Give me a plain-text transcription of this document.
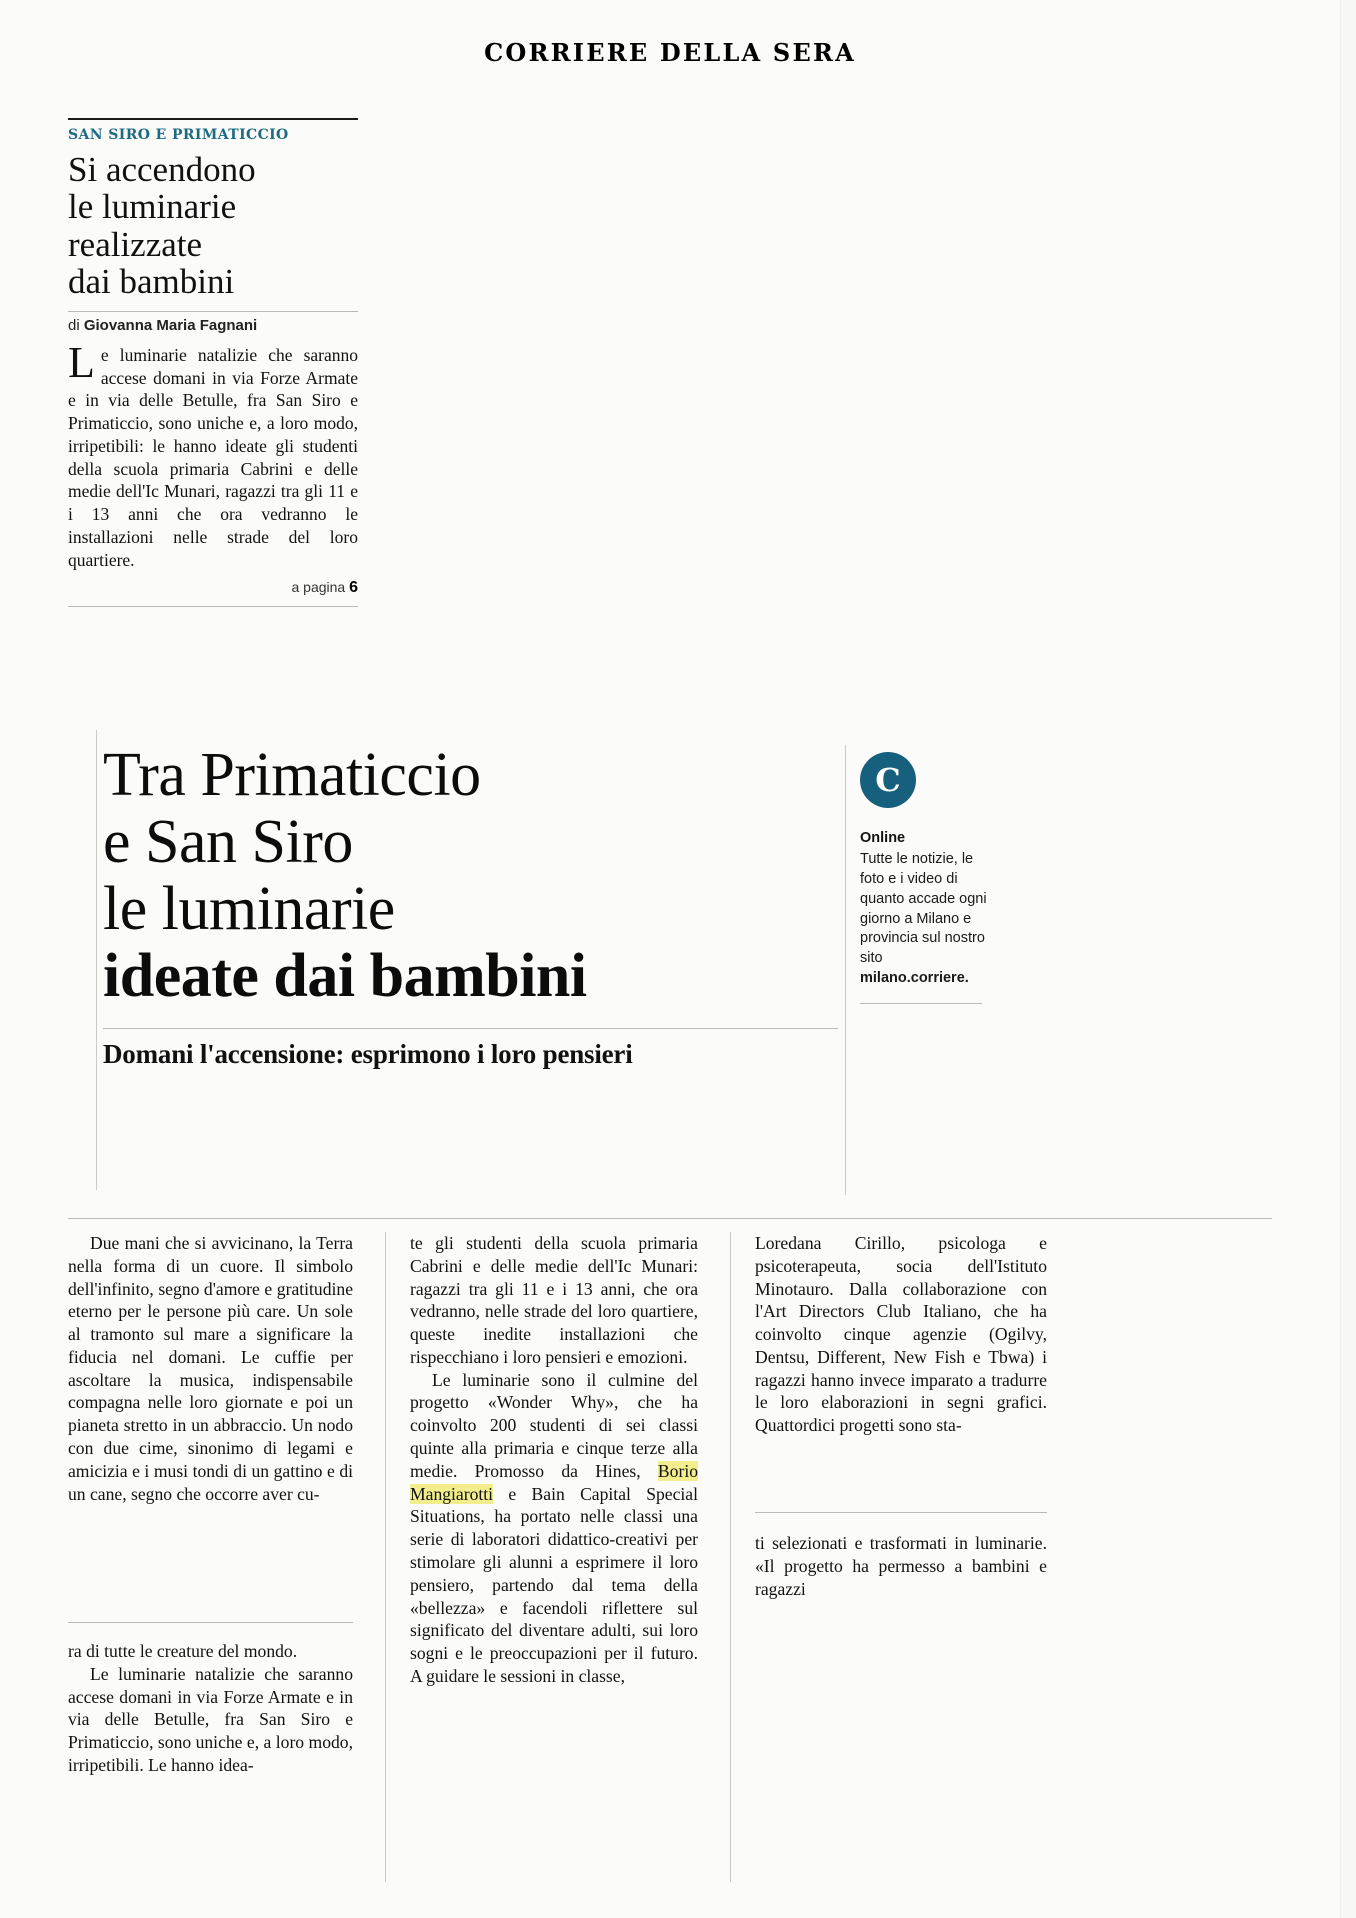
CORRIERE DELLA SERA
SAN SIRO E PRIMATICCIO
Si accendono
le luminarie
realizzate
dai bambini
di Giovanna Maria Fagnani
Le luminarie natalizie che saranno accese domani in via Forze Armate e in via delle Betulle, fra San Siro e Primaticcio, sono uniche e, a loro modo, irripetibili: le hanno ideate gli studenti della scuola primaria Cabrini e delle medie dell'Ic Munari, ragazzi tra gli 11 e i 13 anni che ora vedranno le installazioni nelle strade del loro quartiere.
a pagina 6
Tra Primaticcio
e San Siro
le luminarie
ideate dai bambini
Domani l'accensione: esprimono i loro pensieri
C
Online
Tutte le notizie, le foto e i video di quanto accade ogni giorno a Milano e provincia sul nostro sito milano.corriere.

Due mani che si avvicinano, la Terra nella forma di un cuore. Il simbolo dell'infinito, segno d'amore e gratitudine eterno per le persone più care. Un sole al tramonto sul mare a significare la fiducia nel domani. Le cuffie per ascoltare la musica, indispensabile compagna nelle loro giornate e poi un pianeta stretto in un abbraccio. Un nodo con due cime, sinonimo di legami e amicizia e i musi tondi di un gattino e di un cane, segno che occorre aver cu-

ra di tutte le creature del mondo.

Le luminarie natalizie che saranno accese domani in via Forze Armate e in via delle Betulle, fra San Siro e Primaticcio, sono uniche e, a loro modo, irripetibili. Le hanno idea-

te gli studenti della scuola primaria Cabrini e delle medie dell'Ic Munari: ragazzi tra gli 11 e i 13 anni, che ora vedranno, nelle strade del loro quartiere, queste inedite installazioni che rispecchiano i loro pensieri e emozioni.

Le luminarie sono il culmine del progetto «Wonder Why», che ha coinvolto 200 studenti di sei classi quinte alla primaria e cinque terze alla medie. Promosso da Hines, Borio Mangiarotti e Bain Capital Special Situations, ha portato nelle classi una serie di laboratori didattico-creativi per stimolare gli alunni a esprimere il loro pensiero, partendo dal tema della «bellezza» e facendoli riflettere sul significato del diventare adulti, sui loro sogni e le preoccupazioni per il futuro. A guidare le sessioni in classe,

Loredana Cirillo, psicologa e psicoterapeuta, socia dell'Istituto Minotauro. Dalla collaborazione con l'Art Directors Club Italiano, che ha coinvolto cinque agenzie (Ogilvy, Dentsu, Different, New Fish e Tbwa) i ragazzi hanno invece imparato a tradurre le loro elaborazioni in segni grafici. Quattordici progetti sono sta-

ti selezionati e trasformati in luminarie. «Il progetto ha permesso a bambini e ragazzi
